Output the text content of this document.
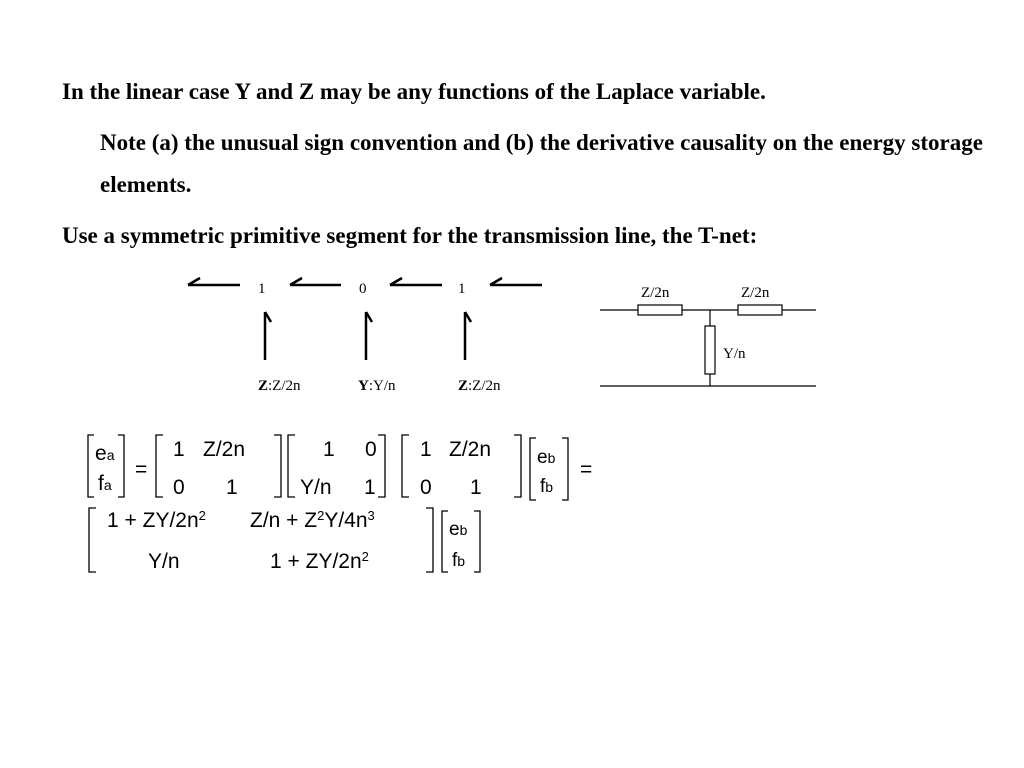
In the linear case Y and Z may be any functions of the Laplace variable.

Note (a) the unusual sign convention and (b) the derivative causality on the energy storage elements.

Use a symmetric primitive segment for the transmission line, the T-net:

1	0	1
Z:Z/2n	Y:Y/n	Z:Z/2n
Z/2n	Z/2n
Y/n
ea
fa
=
1 Z/2n
0 1
1 0
Y/n 1
1 Z/2n
0 1
eb
fb
=
$1 + ZY/2n^2$ $Z/n + Z^2Y/4n^3$
Y/n	$1 + ZY/2n^2$
eb
fb
